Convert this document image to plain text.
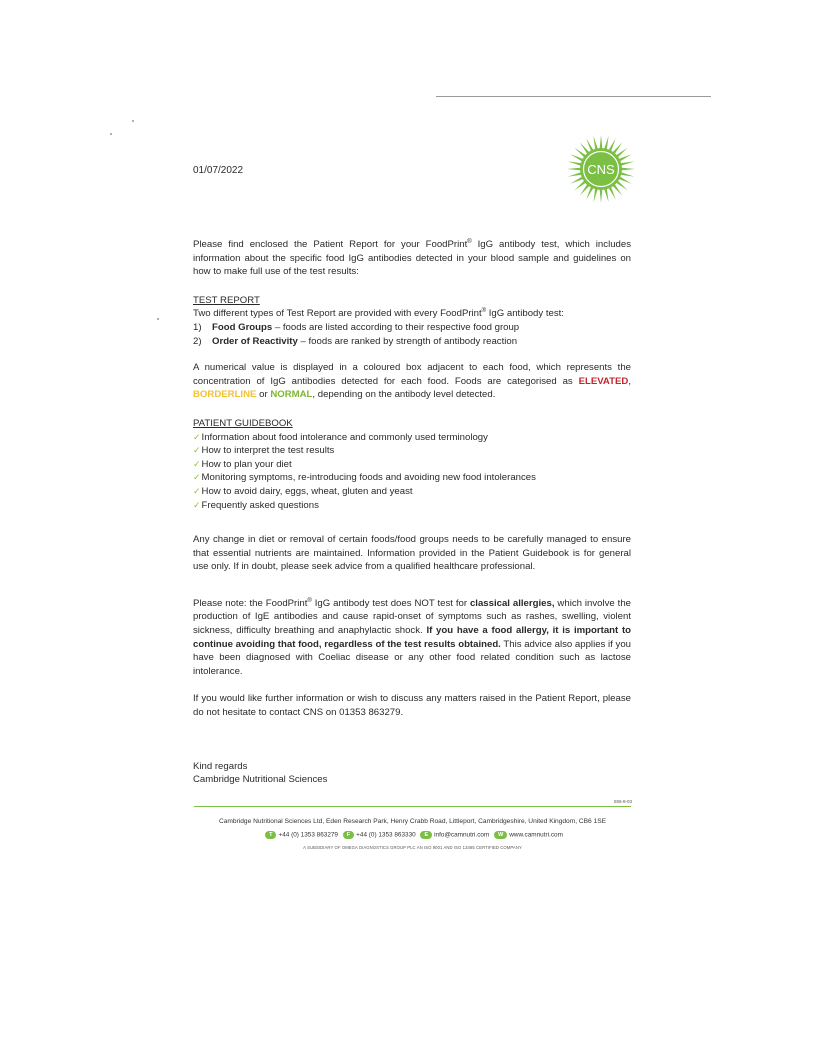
01/07/2022	CNS

Please find enclosed the Patient Report for your FoodPrint® IgG antibody test, which includes information about the specific food IgG antibodies detected in your blood sample and guidelines on how to make full use of the test results:

TEST REPORT
Two different types of Test Report are provided with every FoodPrint® IgG antibody test:
1) Food Groups – foods are listed according to their respective food group
2) Order of Reactivity – foods are ranked by strength of antibody reaction

A numerical value is displayed in a coloured box adjacent to each food, which represents the concentration of IgG antibodies detected for each food. Foods are categorised as ELEVATED, BORDERLINE or NORMAL, depending on the antibody level detected.

PATIENT GUIDEBOOK
✓Information about food intolerance and commonly used terminology
✓How to interpret the test results
✓How to plan your diet
✓Monitoring symptoms, re-introducing foods and avoiding new food intolerances
✓How to avoid dairy, eggs, wheat, gluten and yeast
✓Frequently asked questions

Any change in diet or removal of certain foods/food groups needs to be carefully managed to ensure that essential nutrients are maintained. Information provided in the Patient Guidebook is for general use only. If in doubt, please seek advice from a qualified healthcare professional.

Please note: the FoodPrint® IgG antibody test does NOT test for classical allergies, which involve the production of IgE antibodies and cause rapid-onset of symptoms such as rashes, swelling, violent sickness, difficulty breathing and anaphylactic shock. If you have a food allergy, it is important to continue avoiding that food, regardless of the test results obtained. This advice also applies if you have been diagnosed with Coeliac disease or any other food related condition such as lactose intolerance.

If you would like further information or wish to discuss any matters raised in the Patient Report, please do not hesitate to contact CNS on 01353 863279.

Kind regards
Cambridge Nutritional Sciences
555-8-03
Cambridge Nutritional Sciences Ltd, Eden Research Park, Henry Crabb Road, Littleport, Cambridgeshire, United Kingdom, CB6 1SE
T +44 (0) 1353 863279 F +44 (0) 1353 863330 E info@camnutri.com W www.camnutri.com
A SUBSIDIARY OF OMEGA DIAGNOSTICS GROUP PLC AN ISO 9001 AND ISO 13485 CERTIFIED COMPANY
